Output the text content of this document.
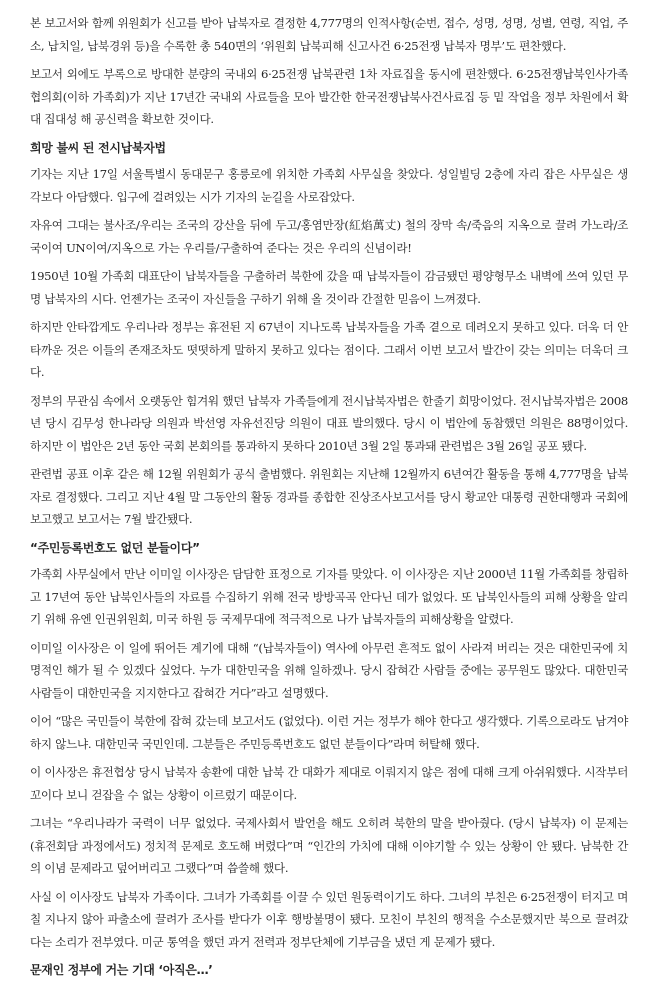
본 보고서와 함께 위원회가 신고를 받아 납북자로 결정한 4,777명의 인적사항(순번, 접수, 성명, 성명, 성별, 연령, 직업, 주소, 납치일, 납북경위 등)을 수록한 총 540면의 ‘위원회 납북피해 신고사건 6·25전쟁 납북자 명부’도 편찬했다.

보고서 외에도 부록으로 방대한 분량의 국내외 6·25전쟁 납북관련 1차 자료집을 동시에 편찬했다. 6·25전쟁납북인사가족협의회(이하 가족회)가 지난 17년간 국내외 사료들을 모아 발간한 한국전쟁납북사건사료집 등 밑 작업을 정부 차원에서 확대 집대성 해 공신력을 확보한 것이다.

희망 불씨 된 전시납북자법

기자는 지난 17일 서울특별시 동대문구 홍릉로에 위치한 가족회 사무실을 찾았다. 성일빌딩 2층에 자리 잡은 사무실은 생각보다 아담했다. 입구에 걸려있는 시가 기자의 눈길을 사로잡았다.

자유여 그대는 불사조/우리는 조국의 강산을 뒤에 두고/홍염만장(紅焰萬丈) 철의 장막 속/죽음의 지옥으로 끌려 가노라/조국이여 UN이여/지옥으로 가는 우리를/구출하여 준다는 것은 우리의 신념이라!

1950년 10월 가족회 대표단이 납북자들을 구출하러 북한에 갔을 때 납북자들이 감금됐던 평양형무소 내벽에 쓰여 있던 무명 납북자의 시다. 언젠가는 조국이 자신들을 구하기 위해 올 것이라 간절한 믿음이 느껴졌다.

하지만 안타깝게도 우리나라 정부는 휴전된 지 67년이 지나도록 납북자들을 가족 곁으로 데려오지 못하고 있다. 더욱 더 안타까운 것은 이들의 존재조차도 떳떳하게 말하지 못하고 있다는 점이다. 그래서 이번 보고서 발간이 갖는 의미는 더욱더 크다.

정부의 무관심 속에서 오랫동안 힘겨워 했던 납북자 가족들에게 전시납북자법은 한줄기 희망이었다. 전시납북자법은 2008년 당시 김무성 한나라당 의원과 박선영 자유선진당 의원이 대표 발의했다. 당시 이 법안에 동참했던 의원은 88명이었다. 하지만 이 법안은 2년 동안 국회 본회의를 통과하지 못하다 2010년 3월 2일 통과돼 관련법은 3월 26일 공포 됐다.

관련법 공표 이후 같은 해 12월 위원회가 공식 출범했다. 위원회는 지난해 12월까지 6년여간 활동을 통해 4,777명을 납북자로 결정했다. 그리고 지난 4월 말 그동안의 활동 경과를 종합한 진상조사보고서를 당시 황교안 대통령 권한대행과 국회에 보고했고 보고서는 7월 발간됐다.

“주민등록번호도 없던 분들이다”

가족회 사무실에서 만난 이미일 이사장은 담담한 표정으로 기자를 맞았다. 이 이사장은 지난 2000년 11월 가족회를 창립하고 17년여 동안 납북인사들의 자료를 수집하기 위해 전국 방방곡곡 안다닌 데가 없었다. 또 납북인사들의 피해 상황을 알리기 위해 유엔 인권위원회, 미국 하원 등 국제무대에 적극적으로 나가 납북자들의 피해상황을 알렸다.

이미일 이사장은 이 일에 뛰어든 계기에 대해 “(납북자들이) 역사에 아무런 흔적도 없이 사라져 버리는 것은 대한민국에 치명적인 해가 될 수 있겠다 싶었다. 누가 대한민국을 위해 일하겠나. 당시 잡혀간 사람들 중에는 공무원도 많았다. 대한민국 사람들이 대한민국을 지지한다고 잡혀간 거다”라고 설명했다.

이어 “많은 국민들이 북한에 잡혀 갔는데 보고서도 (없었다). 이런 거는 정부가 해야 한다고 생각했다. 기록으로라도 남겨야 하지 않느냐. 대한민국 국민인데. 그분들은 주민등록번호도 없던 분들이다”라며 허탈해 했다.

이 이사장은 휴전협상 당시 납북자 송환에 대한 납북 간 대화가 제대로 이뤄지지 않은 점에 대해 크게 아쉬워했다. 시작부터 꼬이다 보니 걷잡을 수 없는 상황이 이르렀기 때문이다.

그녀는 “우리나라가 국력이 너무 없었다. 국제사회서 발언을 해도 오히려 북한의 말을 받아줬다. (당시 납북자) 이 문제는 (휴전회담 과정에서도) 정치적 문제로 호도해 버렸다”며 “인간의 가치에 대해 이야기할 수 있는 상황이 안 됐다. 남북한 간의 이념 문제라고 덮어버리고 그랬다”며 씁쓸해 했다.

사실 이 이사장도 납북자 가족이다. 그녀가 가족회를 이끌 수 있던 원동력이기도 하다. 그녀의 부친은 6·25전쟁이 터지고 며칠 지나지 않아 파출소에 끌려가 조사를 받다가 이후 행방불명이 됐다. 모친이 부친의 행적을 수소문했지만 북으로 끌려갔다는 소리가 전부였다. 미군 통역을 했던 과거 전력과 정부단체에 기부금을 냈던 게 문제가 됐다.

문재인 정부에 거는 기대 ‘아직은…’
